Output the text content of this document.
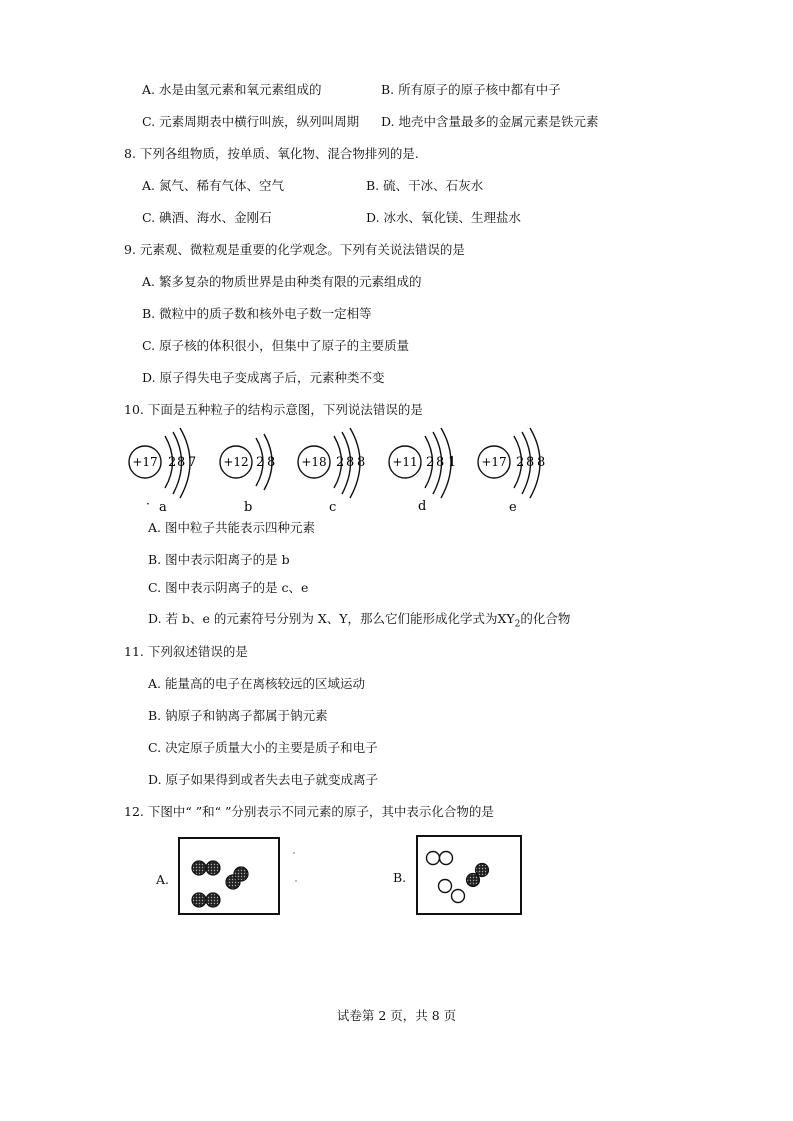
A. 水是由氢元素和氧元素组成的	B. 所有原子的原子核中都有中子
C. 元素周期表中横行叫族，纵列叫周期 D. 地壳中含量最多的金属元素是铁元素
8. 下列各组物质，按单质、氧化物、混合物排列的是.
A. 氮气、稀有气体、空气	B. 硫、干冰、石灰水
C. 碘酒、海水、金刚石	D. 冰水、氧化镁、生理盐水
9. 元素观、微粒观是重要的化学观念。下列有关说法错误的是
A. 繁多复杂的物质世界是由种类有限的元素组成的
B. 微粒中的质子数和核外电子数一定相等
C. 原子核的体积很小，但集中了原子的主要质量
D. 原子得失电子变成离子后，元素种类不变
10. 下面是五种粒子的结构示意图，下列说法错误的是
+17 2 8 7
· a
+12 2 8
b
+18 2 8 8
c
+11 2 8 1
d
+17 2 8 8
e
A. 图中粒子共能表示四种元素
B. 图中表示阳离子的是 b
C. 图中表示阴离子的是 c、e
D. 若 b、e 的元素符号分别为 X、Y，那么它们能形成化学式为$XY_2$的化合物
11. 下列叙述错误的是
A. 能量高的电子在离核较远的区域运动
B. 钠原子和钠离子都属于钠元素
C. 决定原子质量大小的主要是质子和电子
D. 原子如果得到或者失去电子就变成离子
12. 下图中“ ”和“ ”分别表示不同元素的原子，其中表示化合物的是
A.	B.
试卷第 2 页，共 8 页
